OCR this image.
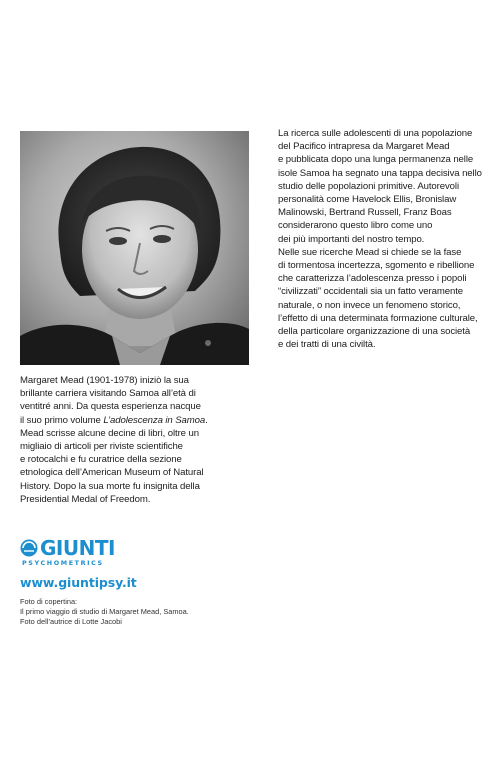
La ricerca sulle adolescenti di una popolazione

del Pacifico intrapresa da Margaret Mead

e pubblicata dopo una lunga permanenza nelle

isole Samoa ha segnato una tappa decisiva nello

studio delle popolazioni primitive. Autorevoli

personalità come Havelock Ellis, Bronislaw

Malinowski, Bertrand Russell, Franz Boas

considerarono questo libro come uno

dei più importanti del nostro tempo.

Nelle sue ricerche Mead si chiede se la fase

di tormentosa incertezza, sgomento e ribellione

che caratterizza l’adolescenza presso i popoli

“civilizzati” occidentali sia un fatto veramente

naturale, o non invece un fenomeno storico,

l’effetto di una determinata formazione culturale,

della particolare organizzazione di una società

e dei tratti di una civiltà.

Margaret Mead (1901-1978) iniziò la sua
brillante carriera visitando Samoa all’età di
ventitré anni. Da questa esperienza nacque
il suo primo volume L’adolescenza in Samoa.
Mead scrisse alcune decine di libri, oltre un
migliaio di articoli per riviste scientifiche
e rotocalchi e fu curatrice della sezione
etnologica dell’American Museum of Natural
History. Dopo la sua morte fu insignita della
Presidential Medal of Freedom.
GIUNTI
PSYCHOMETRICS
www.giuntipsy.it
Foto di copertina:
Il primo viaggio di studio di Margaret Mead, Samoa.
Foto dell’autrice di Lotte Jacobi
